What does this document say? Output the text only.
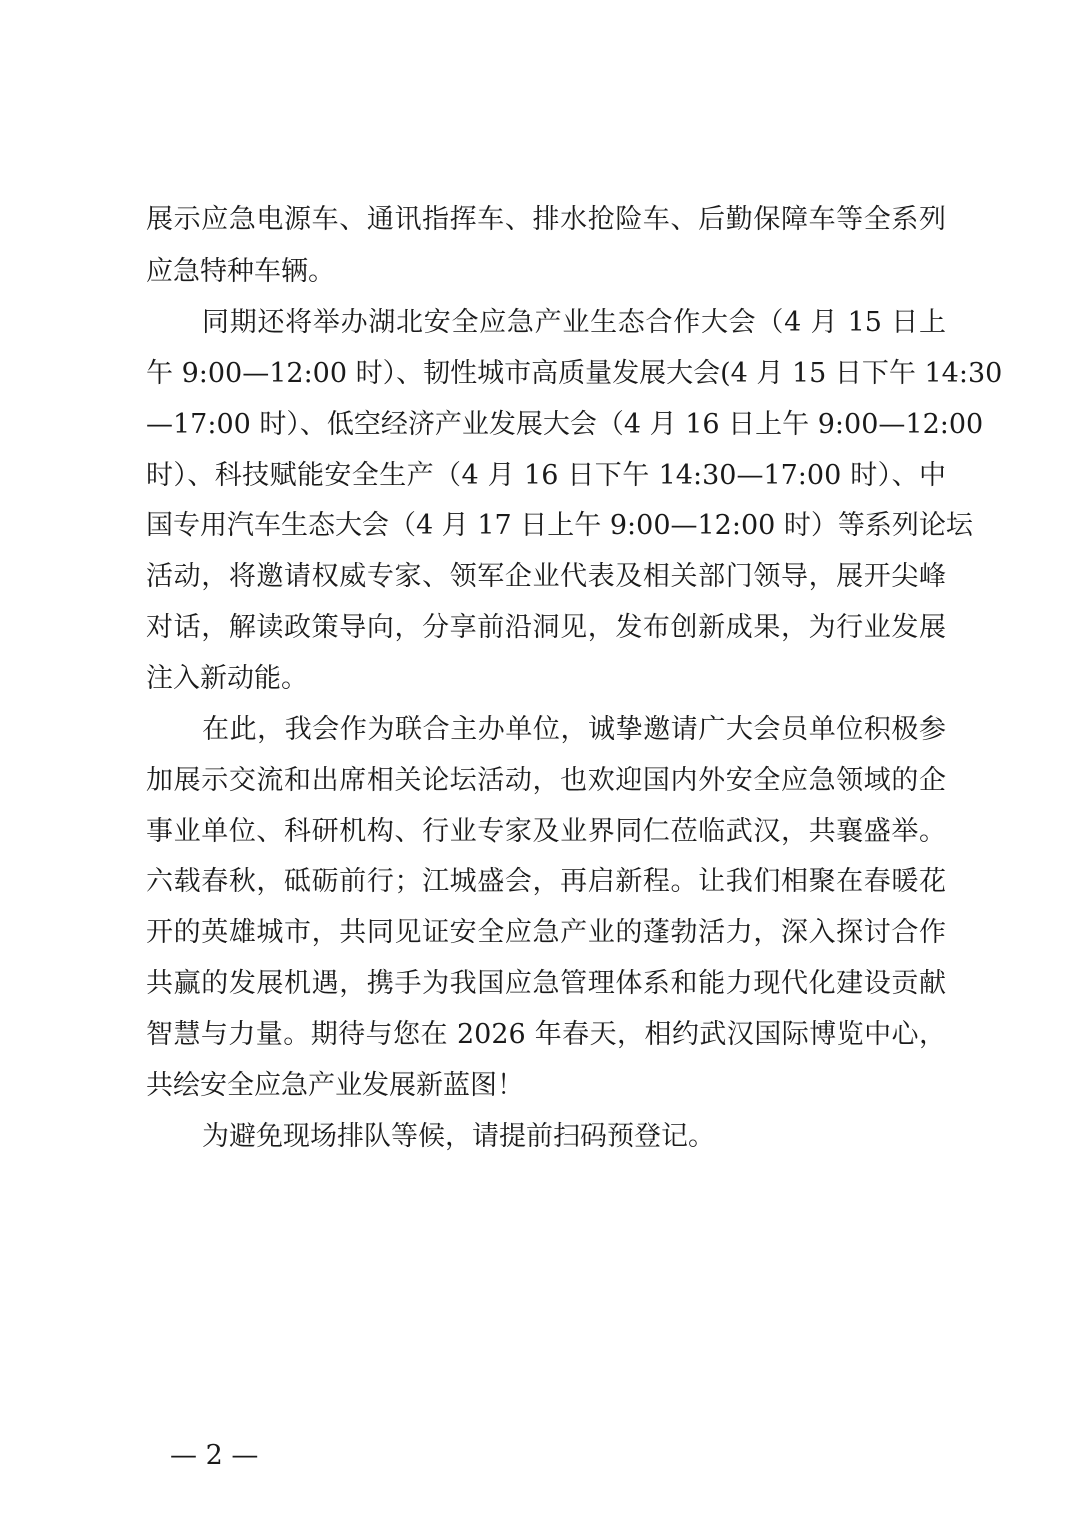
展示应急电源车、通讯指挥车、排水抢险车、后勤保障车等全系列
应急特种车辆。
同期还将举办湖北安全应急产业生态合作大会（4 月 15 日上
午 9:00—12:00 时）、韧性城市高质量发展大会(4 月 15 日下午 14:30
—17:00 时）、低空经济产业发展大会（4 月 16 日上午 9:00—12:00
时）、科技赋能安全生产（4 月 16 日下午 14:30—17:00 时）、中
国专用汽车生态大会（4 月 17 日上午 9:00—12:00 时）等系列论坛
活动，将邀请权威专家、领军企业代表及相关部门领导，展开尖峰
对话，解读政策导向，分享前沿洞见，发布创新成果，为行业发展
注入新动能。
在此，我会作为联合主办单位，诚挚邀请广大会员单位积极参
加展示交流和出席相关论坛活动，也欢迎国内外安全应急领域的企
事业单位、科研机构、行业专家及业界同仁莅临武汉，共襄盛举。
六载春秋，砥砺前行；江城盛会，再启新程。让我们相聚在春暖花
开的英雄城市，共同见证安全应急产业的蓬勃活力，深入探讨合作
共赢的发展机遇，携手为我国应急管理体系和能力现代化建设贡献
智慧与力量。期待与您在 2026 年春天，相约武汉国际博览中心，
共绘安全应急产业发展新蓝图！
为避免现场排队等候，请提前扫码预登记。
— 2 —
